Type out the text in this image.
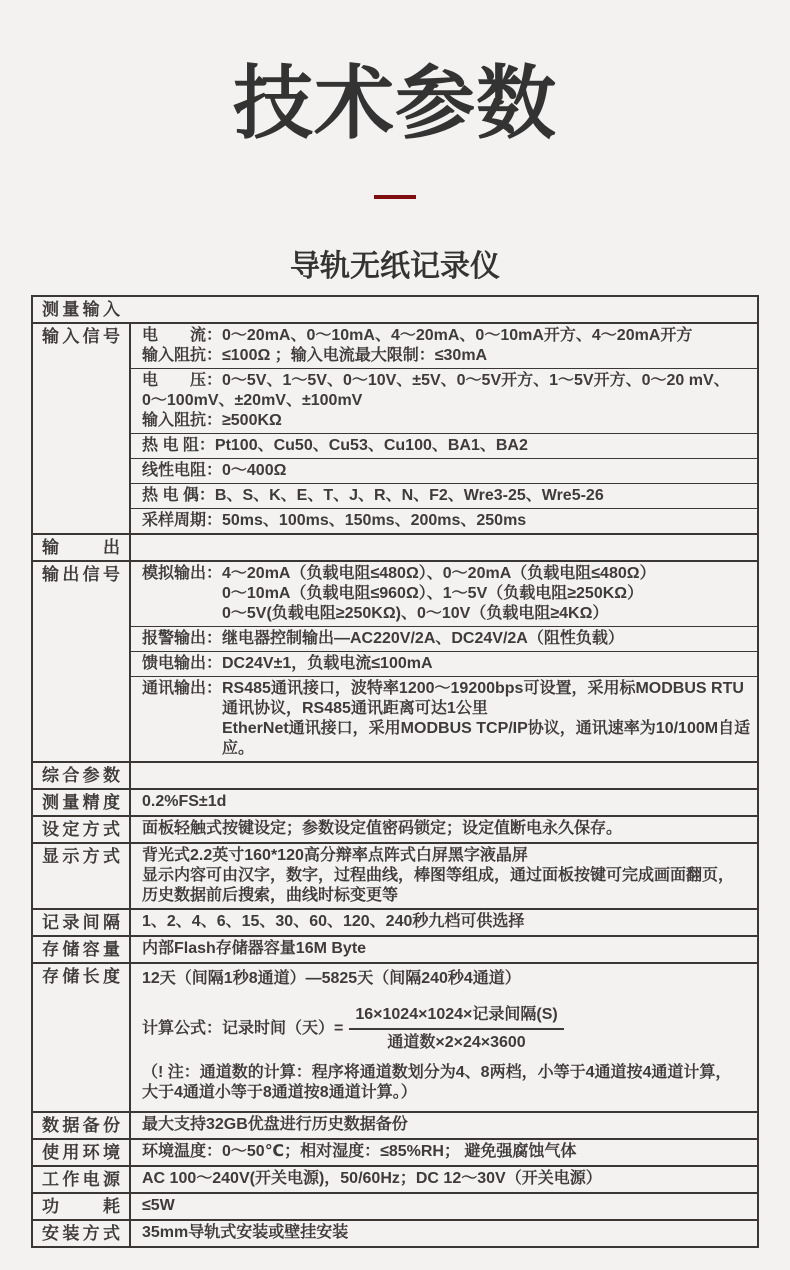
技术参数
导轨无纸记录仪
测量输入
输入信号	电　　流：0～20mA、0～10mA、4～20mA、0～10mA开方、4～20mA开方
输入阻抗：≤100Ω ；输入电流最大限制：≤30mA
电　　压：0～5V、1～5V、0～10V、±5V、0～5V开方、1～5V开方、0～20 mV、
0～100mV、±20mV、±100mV
输入阻抗：≥500KΩ
热 电 阻：Pt100、Cu50、Cu53、Cu100、BA1、BA2
线性电阻：0～400Ω
热 电 偶：B、S、K、E、T、J、R、N、F2、Wre3-25、Wre5-26
采样周期：50ms、100ms、150ms、200ms、250ms
输　出
输出信号	模拟输出：4～20mA（负载电阻≤480Ω）、0～20mA（负载电阻≤480Ω）
0～10mA（负载电阻≤960Ω）、1～5V（负载电阻≥250KΩ）
0～5V(负载电阻≥250KΩ)、0～10V（负载电阻≥4KΩ）
报警输出：继电器控制输出—AC220V/2A、DC24V/2A（阻性负载）
馈电输出：DC24V±1，负载电流≤100mA
通讯输出：RS485通讯接口，波特率1200～19200bps可设置，采用标MODBUS RTU
通讯协议，RS485通讯距离可达1公里
EtherNet通讯接口，采用MODBUS TCP/IP协议，通讯速率为10/100M自适应。
综合参数
测量精度	0.2%FS±1d
设定方式	面板轻触式按键设定；参数设定值密码锁定；设定值断电永久保存。
显示方式	背光式2.2英寸160*120高分辩率点阵式白屏黑字液晶屏
显示内容可由汉字，数字，过程曲线，棒图等组成，通过面板按键可完成画面翻页，
历史数据前后搜索，曲线时标变更等
记录间隔	1、2、4、6、15、30、60、120、240秒九档可供选择
存储容量	内部Flash存储器容量16M Byte
存储长度	12天（间隔1秒8通道）—5825天（间隔240秒4通道）
计算公式：记录时间（天）= $\frac{\text{16×1024×1024×记录间隔(S)}}{\text{通道数×2×24×3600}}$
（! 注：通道数的计算：程序将通道数划分为4、8两档，小等于4通道按4通道计算，
大于4通道小等于8通道按8通道计算。）
数据备份	最大支持32GB优盘进行历史数据备份
使用环境	环境温度：0～50℃；相对湿度：≤85%RH； 避免强腐蚀气体
工作电源	AC 100～240V(开关电源)，50/60Hz；DC 12～30V（开关电源）
功　耗	≤5W
安装方式	35mm导轨式安装或壁挂安装
